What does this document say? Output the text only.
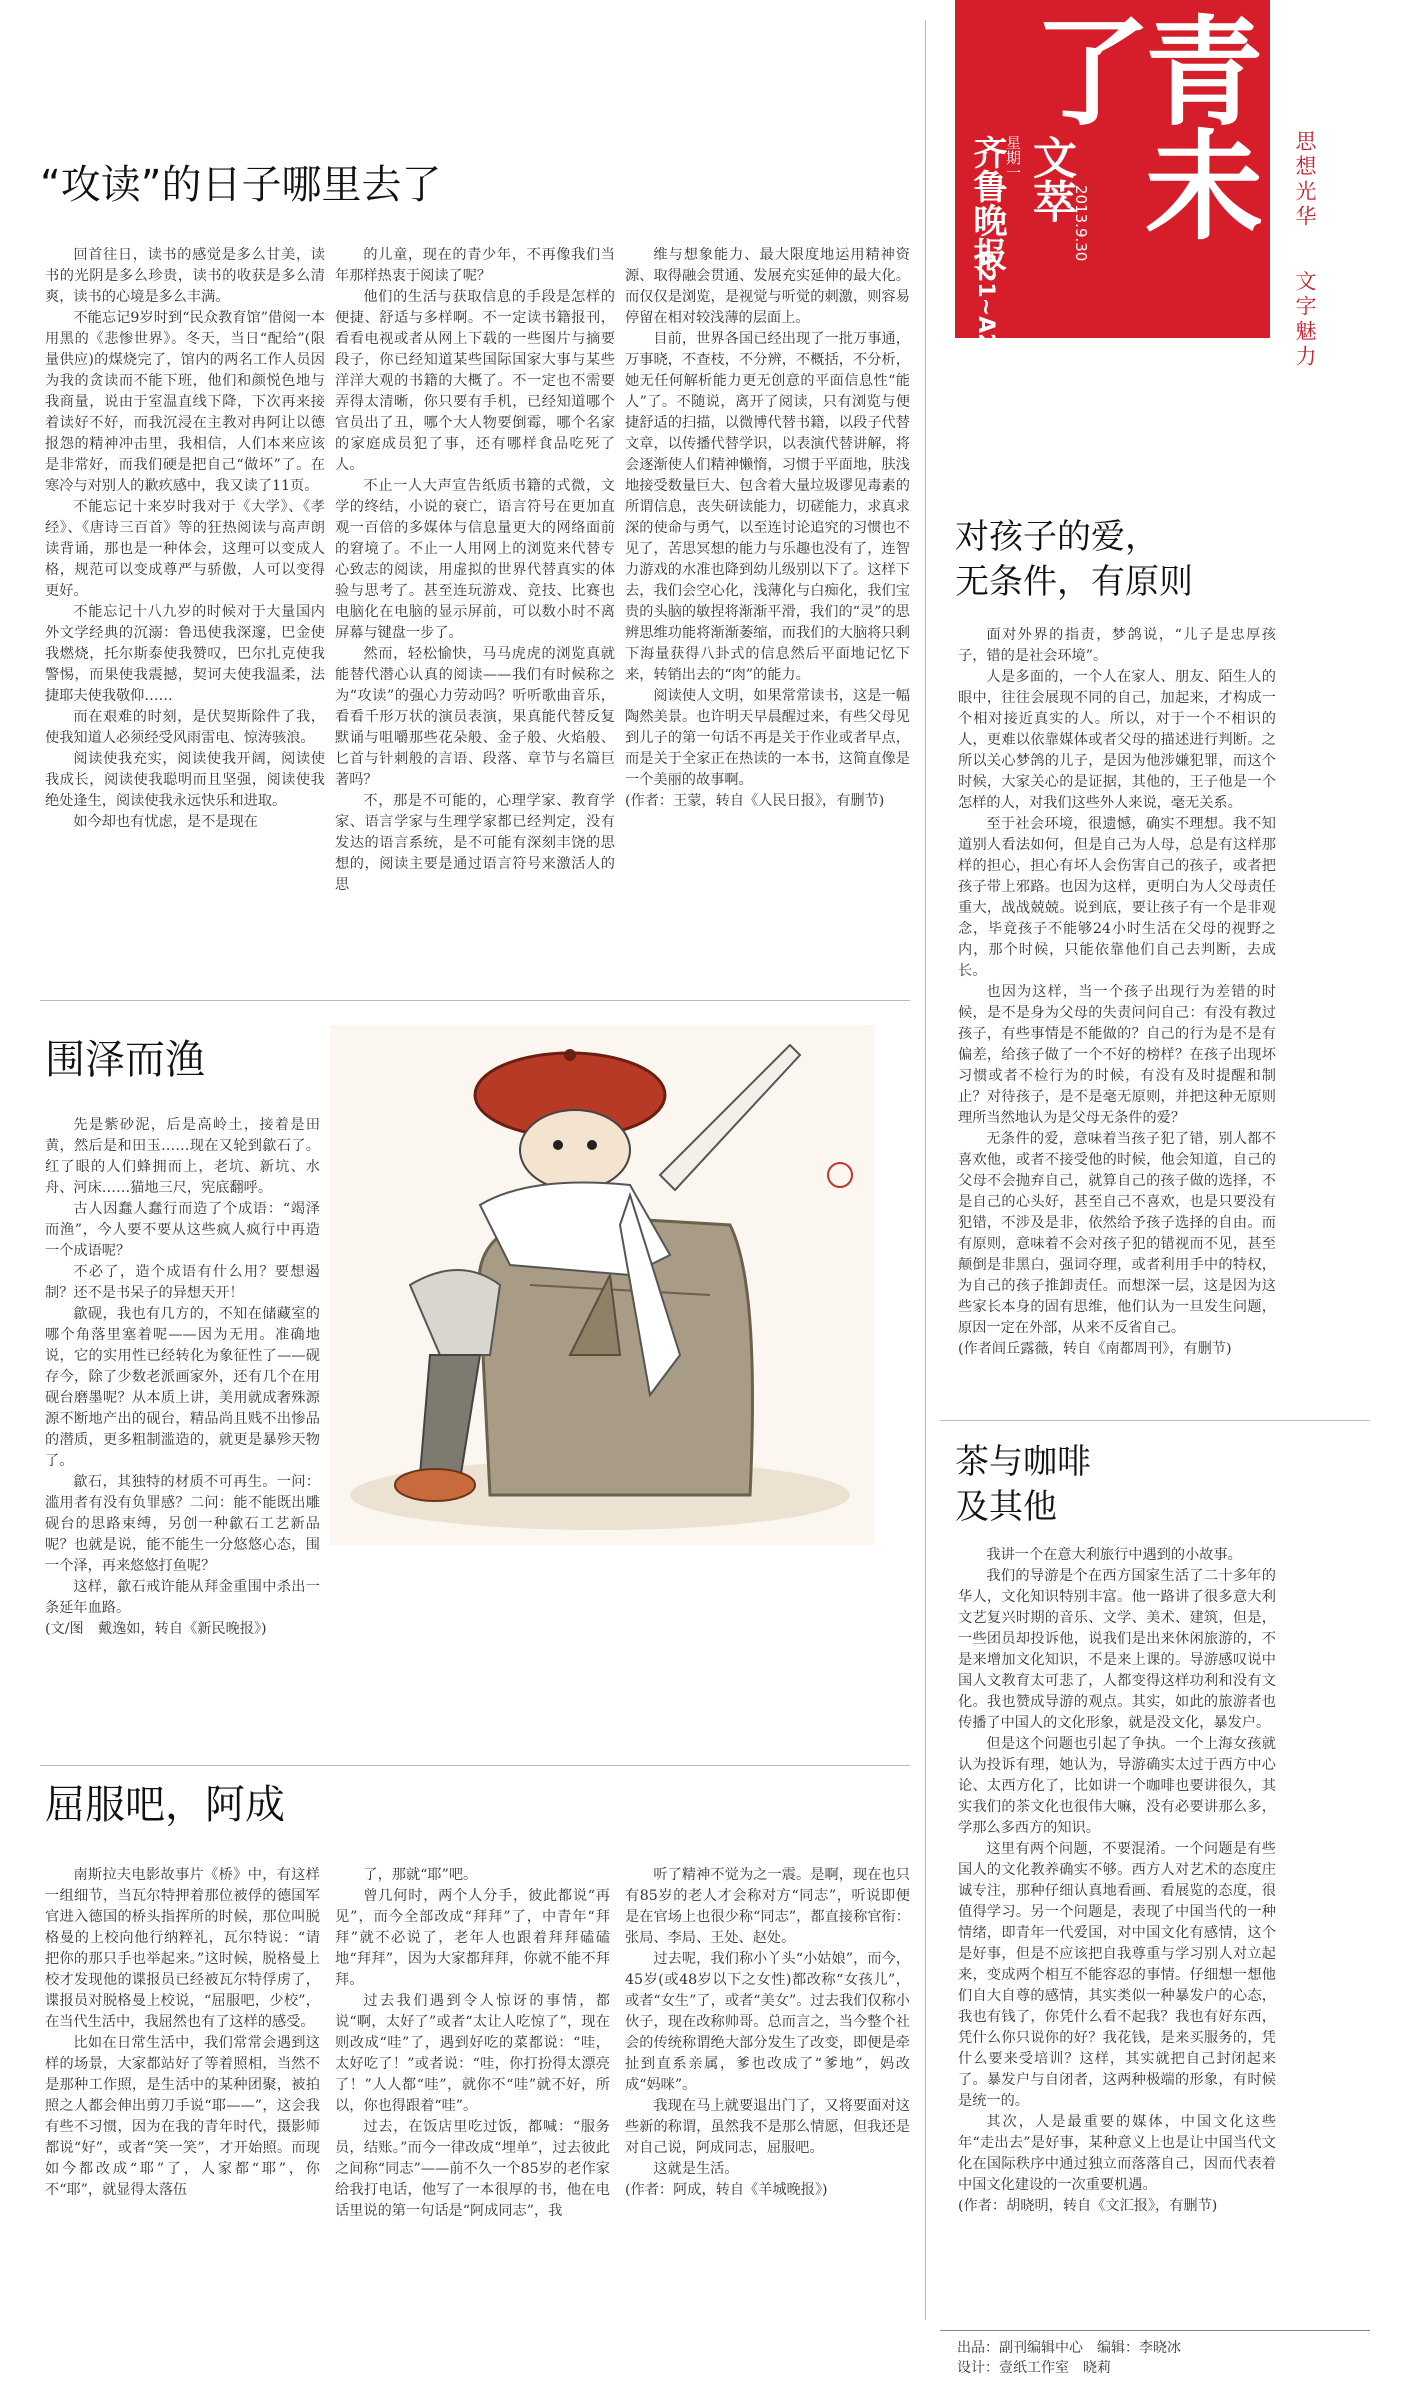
齐鲁晚报
星期一 文萃
2013.9.30
A21~A23
青未了
思想光华
文字魅力
“攻读”的日子哪里去了

回首往日，读书的感觉是多么甘美，读书的光阴是多么珍贵，读书的收获是多么清爽，读书的心境是多么丰满。

不能忘记9岁时到“民众教育馆”借阅一本用黑的《悲惨世界》。冬天，当日“配给”(限量供应)的煤烧完了，馆内的两名工作人员因为我的贪读而不能下班，他们和颜悦色地与我商量，说由于室温直线下降，下次再来接着读好不好，而我沉浸在主教对冉阿让以德报怨的精神冲击里，我相信，人们本来应该是非常好，而我们硬是把自己“做坏”了。在寒冷与对别人的歉疚感中，我又读了11页。

不能忘记十来岁时我对于《大学》、《孝经》、《唐诗三百首》等的狂热阅读与高声朗读背诵，那也是一种体会，这理可以变成人格，规范可以变成尊严与骄傲，人可以变得更好。

不能忘记十八九岁的时候对于大量国内外文学经典的沉溺：鲁迅使我深邃，巴金使我燃烧，托尔斯泰使我赞叹，巴尔扎克使我警惕，而果使我震撼，契诃夫使我温柔，法捷耶夫使我敬仰……

而在艰难的时刻，是伏契斯除件了我，使我知道人必须经受风雨雷电、惊涛骇浪。

阅读使我充实，阅读使我开阔，阅读使我成长，阅读使我聪明而且坚强，阅读使我绝处逢生，阅读使我永远快乐和进取。

如今却也有忧虑，是不是现在

的儿童，现在的青少年，不再像我们当年那样热衷于阅读了呢？

他们的生活与获取信息的手段是怎样的便捷、舒适与多样啊。不一定读书籍报刊，看看电视或者从网上下载的一些图片与摘要段子，你已经知道某些国际国家大事与某些洋洋大观的书籍的大概了。不一定也不需要弄得太清晰，你只要有手机，已经知道哪个官员出了丑，哪个大人物要倒霉，哪个名家的家庭成员犯了事，还有哪样食品吃死了人。

不止一人大声宣告纸质书籍的式微，文学的终结，小说的衰亡，语言符号在更加直观一百倍的多媒体与信息量更大的网络面前的窘境了。不止一人用网上的浏览来代替专心致志的阅读，用虚拟的世界代替真实的体验与思考了。甚至连玩游戏、竞技、比赛也电脑化在电脑的显示屏前，可以数小时不离屏幕与键盘一步了。

然而，轻松愉快，马马虎虎的浏览真就能替代潜心认真的阅读——我们有时候称之为“攻读”的强心力劳动吗？听听歌曲音乐，看看千形万状的演员表演，果真能代替反复默诵与咀嚼那些花朵般、金子般、火焰般、匕首与针刺般的言语、段落、章节与名篇巨著吗？

不，那是不可能的，心理学家、教育学家、语言学家与生理学家都已经判定，没有发达的语言系统，是不可能有深刻丰饶的思想的，阅读主要是通过语言符号来激活人的思

维与想象能力、最大限度地运用精神资源、取得融会贯通、发展充实延伸的最大化。而仅仅是浏览，是视觉与听觉的刺激，则容易停留在相对较浅薄的层面上。

目前，世界各国已经出现了一批万事通，万事晓，不查枝，不分辨，不概括，不分析，她无任何解析能力更无创意的平面信息性“能人”了。不随说，离开了阅读，只有浏览与便捷舒适的扫描，以微博代替书籍，以段子代替文章，以传播代替学识，以表演代替讲解，将会逐渐使人们精神懒惰，习惯于平面地，肤浅地接受数量巨大、包含着大量垃圾谬见毒素的所谓信息，丧失研读能力，切磋能力，求真求深的使命与勇气，以至连讨论追究的习惯也不见了，苦思冥想的能力与乐趣也没有了，连智力游戏的水准也降到幼儿级别以下了。这样下去，我们会空心化，浅薄化与白痴化，我们宝贵的头脑的敏捏将渐渐平滑，我们的“灵”的思辨思维功能将渐渐萎缩，而我们的大脑将只剩下海量获得八卦式的信息然后平面地记忆下来，转销出去的“肉”的能力。

阅读使人文明，如果常常读书，这是一幅陶然美景。也许明天早晨醒过来，有些父母见到儿子的第一句话不再是关于作业或者早点，而是关于全家正在热读的一本书，这简直像是一个美丽的故事啊。

(作者：王蒙，转自《人民日报》，有删节)

围泽而渔

先是紫砂泥，后是高岭土，接着是田黄，然后是和田玉……现在又轮到歙石了。红了眼的人们蜂拥而上，老坑、新坑、水舟、河床……猫地三尺，宪底翻呼。

古人因蠢人蠢行而造了个成语：“竭泽而渔”，今人要不要从这些疯人疯行中再造一个成语呢？

不必了，造个成语有什么用？要想遏制？还不是书呆子的异想天开！

歙砚，我也有几方的，不知在储藏室的哪个角落里塞着呢——因为无用。准确地说，它的实用性已经转化为象征性了——砚存今，除了少数老派画家外，还有几个在用砚台磨墨呢？从本质上讲，美用就成奢殊源源不断地产出的砚台，精品尚且贱不出惨品的潜质，更多粗制滥造的，就更是暴殄天物了。

歙石，其独特的材质不可再生。一问：滥用者有没有负罪感？二问：能不能既出雕砚台的思路束缚，另创一种歙石工艺新品呢？也就是说，能不能生一分悠悠心态，围一个泽，再来悠悠打鱼呢？

这样，歙石戒许能从拜金重围中杀出一条延年血路。

(文/图　戴逸如，转自《新民晚报》)

屈服吧，阿成

南斯拉夫电影故事片《桥》中，有这样一组细节，当瓦尔特押着那位被俘的德国军官进入德国的桥头指挥所的时候，那位叫脱格曼的上校向他行纳粹礼，瓦尔特说：“请把你的那只手也举起来。”这时候，脱格曼上校才发现他的谍报员已经被瓦尔特俘虏了，谍报员对脱格曼上校说，“屈服吧，少校”，在当代生活中，我屈然也有了这样的感受。

比如在日常生活中，我们常常会遇到这样的场景，大家都站好了等着照相，当然不是那种工作照，是生活中的某种团聚，被拍照之人都会伸出剪刀手说“耶——”，这会我有些不习惯，因为在我的青年时代，摄影师都说“好”，或者“笑一笑”，才开始照。而现如今都改成“耶”了，人家都“耶”，你不“耶”，就显得太落伍

了，那就“耶”吧。

曾几何时，两个人分手，彼此都说“再见”，而今全部改成“拜拜”了，中青年“拜拜”就不必说了，老年人也跟着拜拜磕磕地“拜拜”，因为大家都拜拜，你就不能不拜拜。

过去我们遇到令人惊讶的事情，都说“啊，太好了”或者“太让人吃惊了”，现在则改成“哇”了，遇到好吃的菜都说：“哇，太好吃了！”或者说：“哇，你打扮得太漂亮了！”人人都“哇”，就你不“哇”就不好，所以，你也得跟着“哇”。

过去，在饭店里吃过饭，都喊：“服务员，结账。”而今一律改成“埋单”，过去彼此之间称“同志”——前不久一个85岁的老作家给我打电话，他写了一本很厚的书，他在电话里说的第一句话是“阿成同志”，我

听了精神不觉为之一震。是啊，现在也只有85岁的老人才会称对方“同志”，听说即便是在官场上也很少称“同志”，都直接称官衔：张局、李局、王处、赵处。

过去呢，我们称小丫头“小姑娘”，而今，45岁(或48岁以下之女性)都改称“女孩儿”，或者“女生”了，或者“美女”。过去我们仅称小伙子，现在改称帅哥。总而言之，当今整个社会的传统称谓绝大部分发生了改变，即便是牵扯到直系亲属，爹也改成了“爹地”，妈改成“妈咪”。

我现在马上就要退出门了，又将要面对这些新的称谓，虽然我不是那么情愿，但我还是对自己说，阿成同志，屈服吧。

这就是生活。

(作者：阿成，转自《羊城晚报》)

对孩子的爱，
无条件，有原则

面对外界的指责，梦鸽说，“儿子是忠厚孩子，错的是社会环境”。

人是多面的，一个人在家人、朋友、陌生人的眼中，往往会展现不同的自己，加起来，才构成一个相对接近真实的人。所以，对于一个不相识的人，更难以依靠媒体或者父母的描述进行判断。之所以关心梦鸽的儿子，是因为他涉嫌犯罪，而这个时候，大家关心的是证据，其他的，王子他是一个怎样的人，对我们这些外人来说，毫无关系。

至于社会环境，很遗憾，确实不理想。我不知道别人看法如何，但是自己为人母，总是有这样那样的担心，担心有坏人会伤害自己的孩子，或者把孩子带上邪路。也因为这样，更明白为人父母责任重大，战战兢兢。说到底，要让孩子有一个是非观念，毕竟孩子不能够24小时生活在父母的视野之内，那个时候，只能依靠他们自己去判断，去成长。

也因为这样，当一个孩子出现行为差错的时候，是不是身为父母的失责问问自己：有没有教过孩子，有些事情是不能做的？自己的行为是不是有偏差，给孩子做了一个不好的榜样？在孩子出现坏习惯或者不检行为的时候，有没有及时提醒和制止？对待孩子，是不是毫无原则，并把这种无原则理所当然地认为是父母无条件的爱？

无条件的爱，意味着当孩子犯了错，别人都不喜欢他，或者不接受他的时候，他会知道，自己的父母不会抛弃自己，就算自己的孩子做的选择，不是自己的心头好，甚至自己不喜欢，也是只要没有犯错，不涉及是非，依然给予孩子选择的自由。而有原则，意味着不会对孩子犯的错视而不见，甚至颠倒是非黑白，强词夺理，或者利用手中的特权，为自己的孩子推卸责任。而想深一层，这是因为这些家长本身的固有思维，他们认为一旦发生问题，原因一定在外部，从来不反省自己。

(作者闾丘露薇，转自《南都周刊》，有删节)

茶与咖啡
及其他

我讲一个在意大利旅行中遇到的小故事。

我们的导游是个在西方国家生活了二十多年的华人，文化知识特别丰富。他一路讲了很多意大利文艺复兴时期的音乐、文学、美术、建筑，但是，一些团员却投诉他，说我们是出来休闲旅游的，不是来增加文化知识，不是来上课的。导游感叹说中国人文教育太可悲了，人都变得这样功利和没有文化。我也赞成导游的观点。其实，如此的旅游者也传播了中国人的文化形象，就是没文化，暴发户。

但是这个问题也引起了争执。一个上海女孩就认为投诉有理，她认为，导游确实太过于西方中心论、太西方化了，比如讲一个咖啡也要讲很久，其实我们的茶文化也很伟大嘛，没有必要讲那么多，学那么多西方的知识。

这里有两个问题，不要混淆。一个问题是有些国人的文化教养确实不够。西方人对艺术的态度庄诚专注，那种仔细认真地看画、看展览的态度，很值得学习。另一个问题是，表现了中国当代的一种情绪，即青年一代爱国，对中国文化有感情，这个是好事，但是不应该把自我尊重与学习别人对立起来，变成两个相互不能容忍的事情。仔细想一想他们自大自尊的感情，其实类似一种暴发户的心态，我也有钱了，你凭什么看不起我？我也有好东西，凭什么你只说你的好？我花钱，是来买服务的，凭什么要来受培训？这样，其实就把自己封闭起来了。暴发户与自闭者，这两种极端的形象，有时候是统一的。

其次，人是最重要的媒体，中国文化这些年“走出去”是好事，某种意义上也是让中国当代文化在国际秩序中通过独立而落落自己，因而代表着中国文化建设的一次重要机遇。

(作者：胡晓明，转自《文汇报》，有删节)

出品：副刊编辑中心 编辑：李晓冰
设计：壹纸工作室 晓莉
